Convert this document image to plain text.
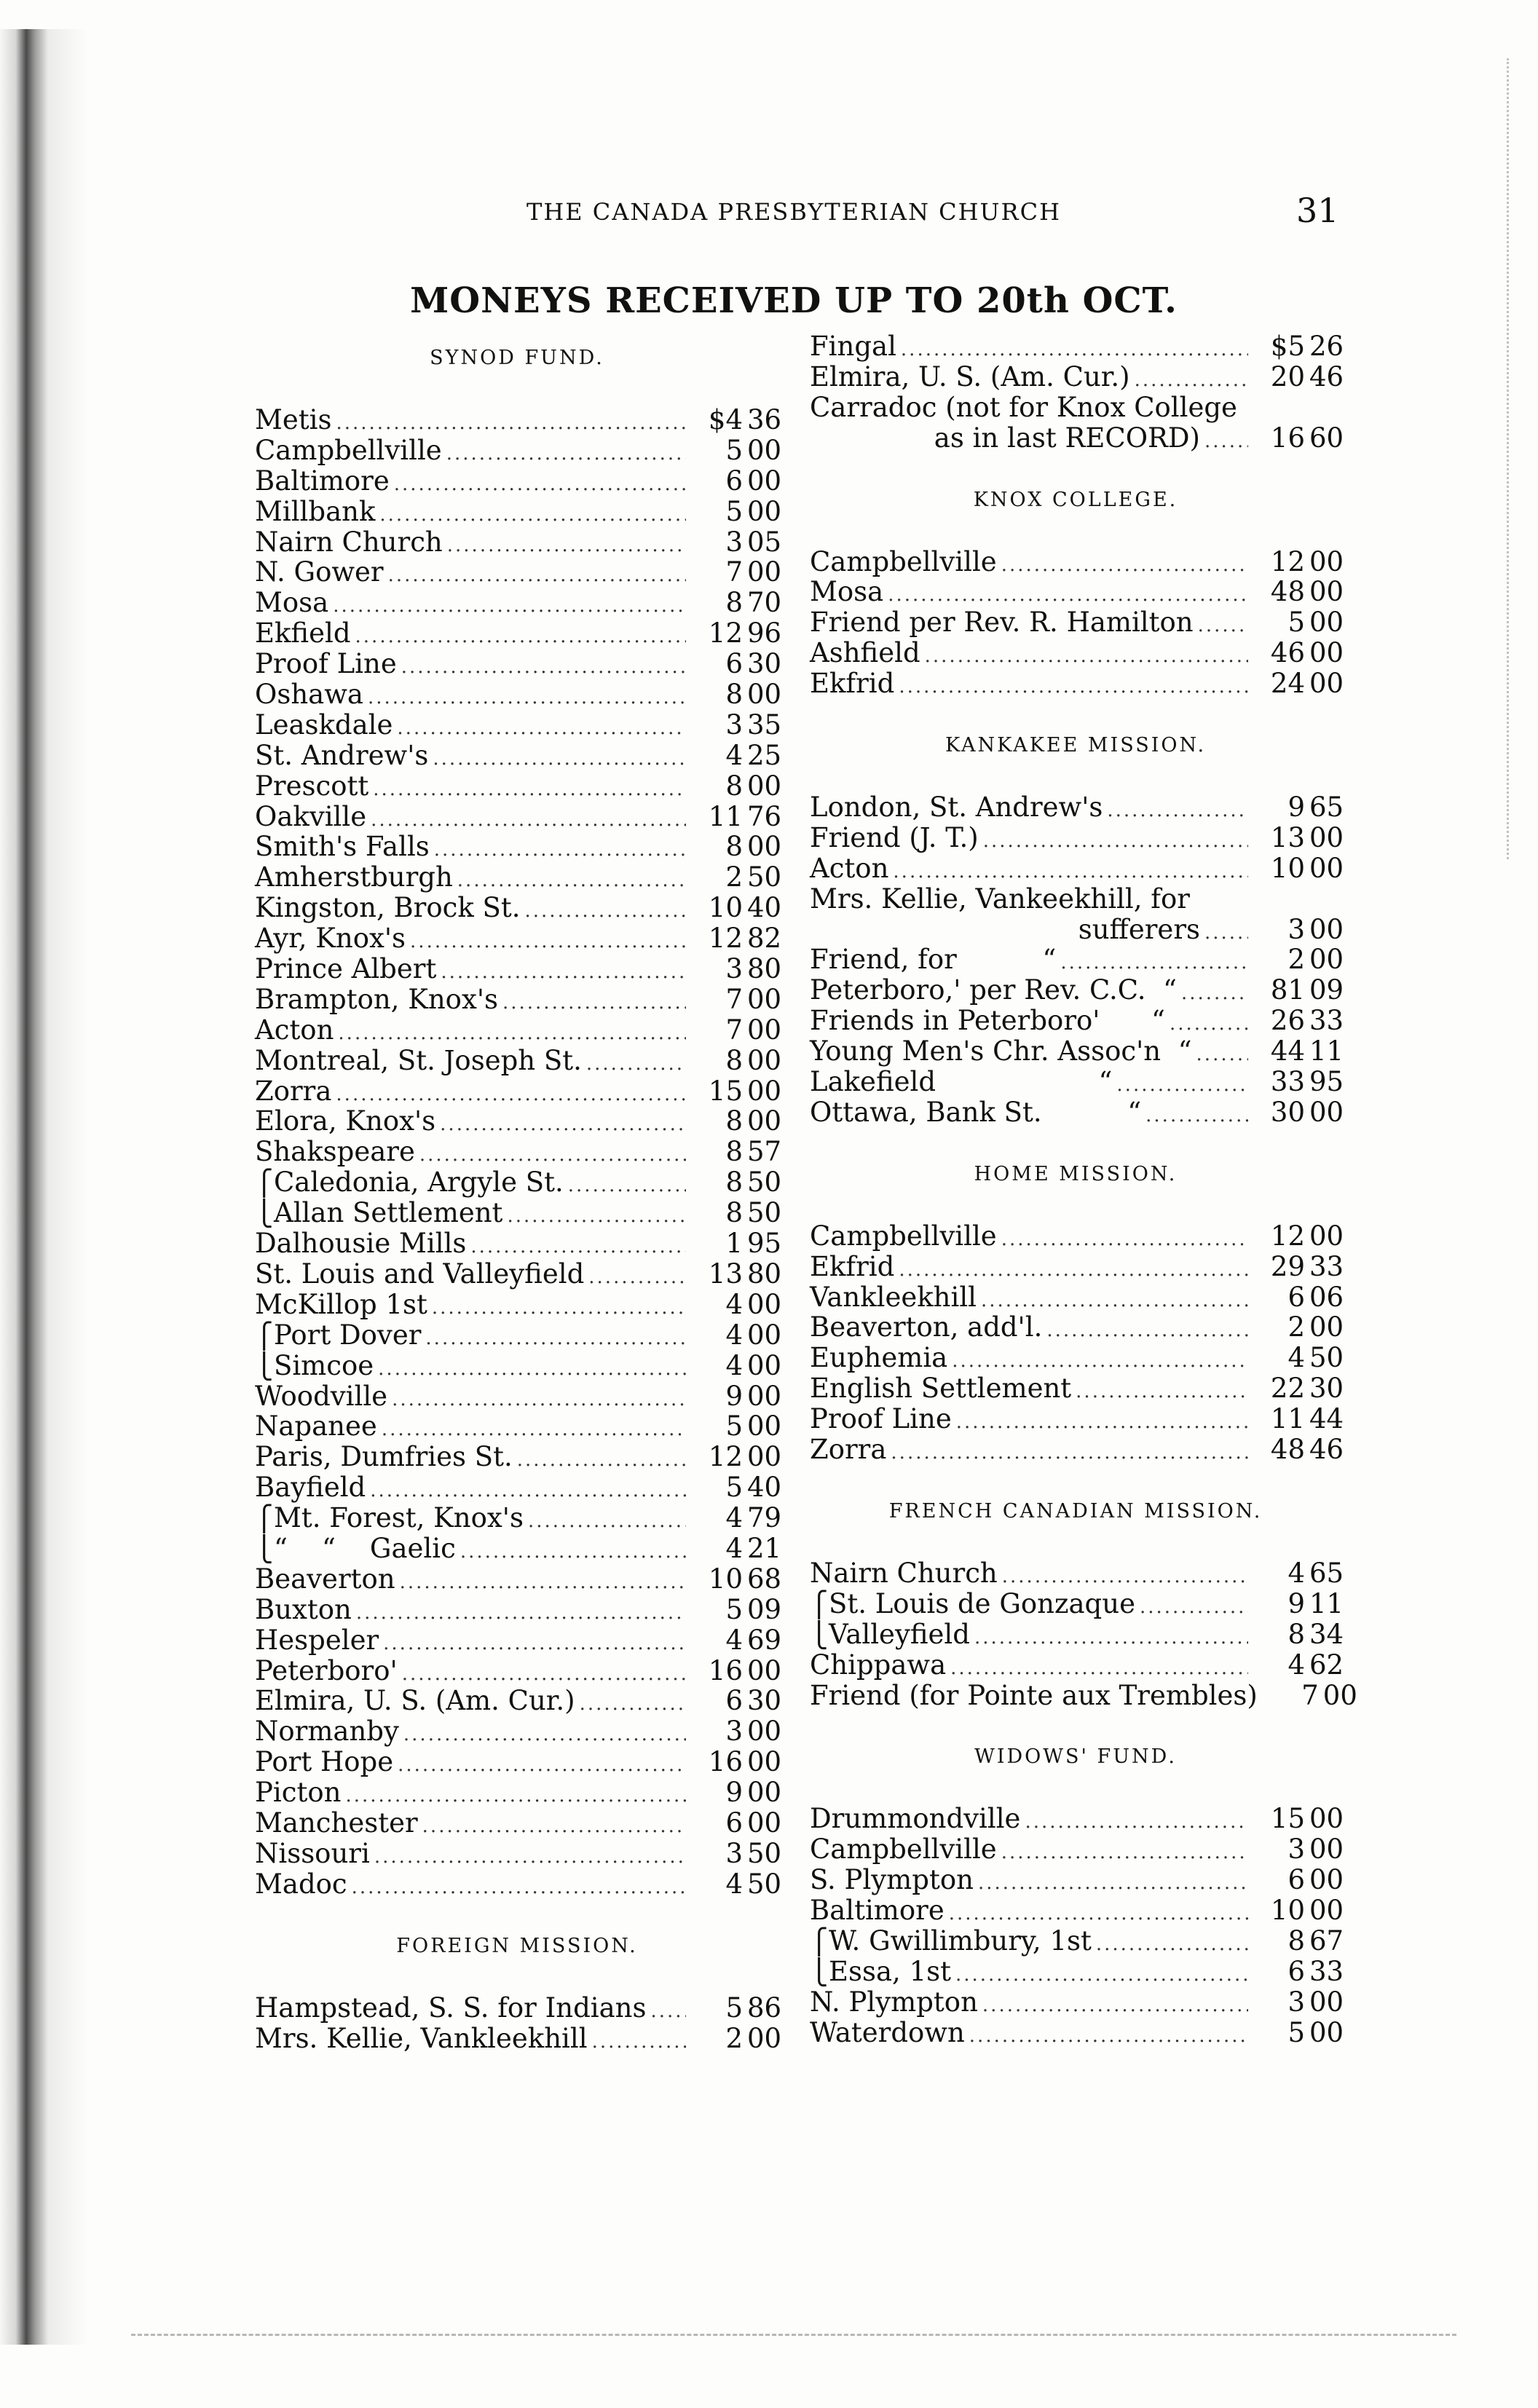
THE CANADA PRESBYTERIAN CHURCH	31
MONEYS RECEIVED UP TO 20th OCT.
SYNOD FUND.
Metis .....	$4 36
Campbellville .....	5 00
Baltimore .....	6 00
Millbank .....	5 00
Nairn Church .....	3 05
N. Gower .....	7 00
Mosa .....	8 70
Ekfield .....	12 96
Proof Line .....	6 30
Oshawa .....	8 00
Leaskdale .....	3 35
St. Andrew's .....	4 25
Prescott .....	8 00
Oakville .....	11 76
Smith's Falls .....	8 00
Amherstburgh .....	2 50
Kingston, Brock St. .....	10 40
Ayr, Knox's .....	12 82
Prince Albert .....	3 80
Brampton, Knox's .....	7 00
Acton .....	7 00
Montreal, St. Joseph St. .....	8 00
Zorra .....	15 00
Elora, Knox's .....	8 00
Shakspeare .....	8 57
⎧ Caledonia, Argyle St. .....	8 50
⎩ Allan Settlement .....	8 50
Dalhousie Mills .....	1 95
St. Louis and Valleyfield .....	13 80
McKillop 1st .....	4 00
⎧ Port Dover .....	4 00
⎩ Simcoe .....	4 00
Woodville .....	9 00
Napanee .....	5 00
Paris, Dumfries St. .....	12 00
Bayfield .....	5 40
⎧ Mt. Forest, Knox's .....	4 79
⎩ “    “    Gaelic .....	4 21
Beaverton .....	10 68
Buxton .....	5 09
Hespeler .....	4 69
Peterboro' .....	16 00
Elmira, U. S. (Am. Cur.) .....	6 30
Normanby .....	3 00
Port Hope .....	16 00
Picton .....	9 00
Manchester .....	6 00
Nissouri .....	3 50
Madoc .....	4 50
FOREIGN MISSION.
Hampstead, S. S. for Indians .....	5 86
Mrs. Kellie, Vankleekhill .....	2 00
Fingal .....	$5 26
Elmira, U. S. (Am. Cur.) .....	20 46
Carradoc (not for Knox College
as in last RECORD) .....	16 60
KNOX COLLEGE.
Campbellville .....	12 00
Mosa .....	48 00
Friend per Rev. R. Hamilton .....	5 00
Ashfield .....	46 00
Ekfrid .....	24 00
KANKAKEE MISSION.
London, St. Andrew's .....	9 65
Friend (J. T.) .....	13 00
Acton .....	10 00
Mrs. Kellie, Vankeekhill, for
sufferers .....	3 00
Friend, for          “ .....	2 00
Peterboro,' per Rev. C.C.  “ .....	81 09
Friends in Peterboro'      “ .....	26 33
Young Men's Chr. Assoc'n  “ .....	44 11
Lakefield                   “ .....	33 95
Ottawa, Bank St.          “ .....	30 00
HOME MISSION.
Campbellville .....	12 00
Ekfrid .....	29 33
Vankleekhill .....	6 06
Beaverton, add'l. .....	2 00
Euphemia .....	4 50
English Settlement .....	22 30
Proof Line .....	11 44
Zorra .....	48 46
FRENCH CANADIAN MISSION.
Nairn Church .....	4 65
⎧ St. Louis de Gonzaque .....	9 11
⎩ Valleyfield .....	8 34
Chippawa .....	4 62
Friend (for Pointe aux Trembles)	7 00
WIDOWS' FUND.
Drummondville .....	15 00
Campbellville .....	3 00
S. Plympton .....	6 00
Baltimore .....	10 00
⎧ W. Gwillimbury, 1st .....	8 67
⎩ Essa, 1st .....	6 33
N. Plympton .....	3 00
Waterdown .....	5 00
